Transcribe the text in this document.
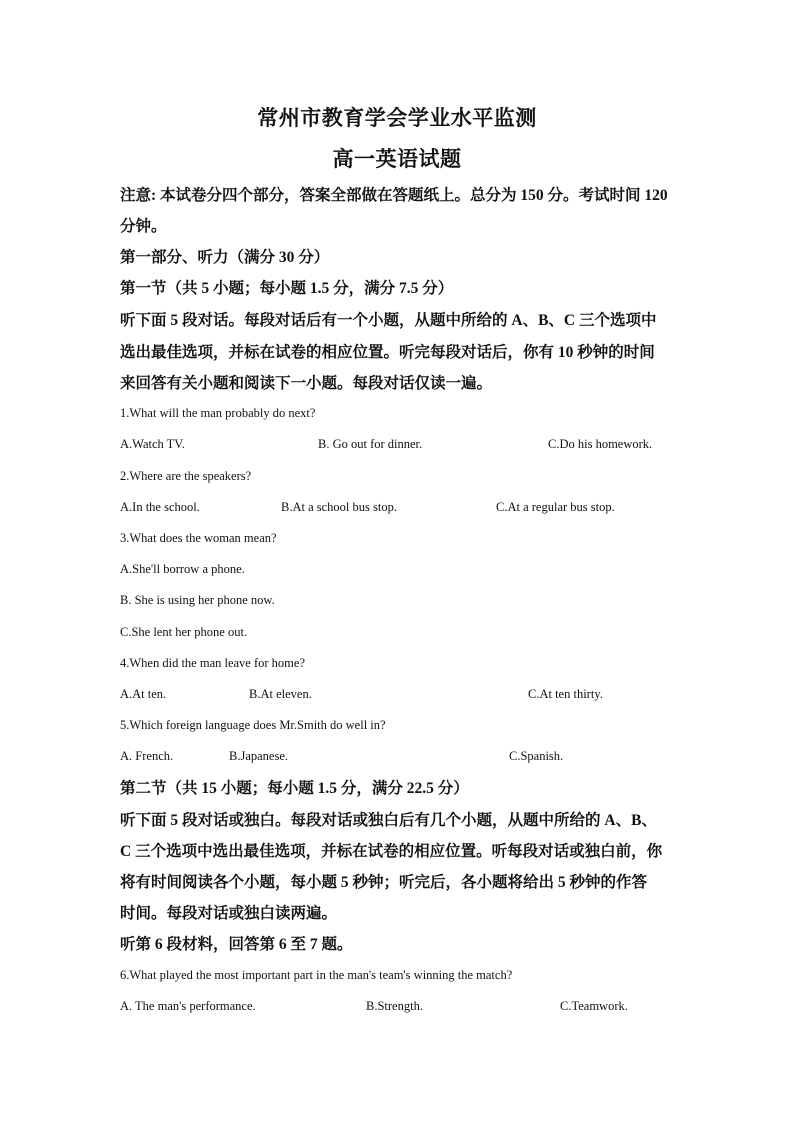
常州市教育学会学业水平监测
高一英语试题
注意: 本试卷分四个部分，答案全部做在答题纸上。总分为 150 分。考试时间 120
分钟。
第一部分、听力（满分 30 分）
第一节（共 5 小题；每小题 1.5 分，满分 7.5 分）
听下面 5 段对话。每段对话后有一个小题，从题中所给的 A、B、C 三个选项中
选出最佳选项，并标在试卷的相应位置。听完每段对话后，你有 10 秒钟的时间
来回答有关小题和阅读下一小题。每段对话仅读一遍。
1.What will the man probably do next?
A.Watch TV.	B. Go out for dinner.	C.Do his homework.
2.Where are the speakers?
A.In the school.	B.At a school bus stop.	C.At a regular bus stop.
3.What does the woman mean?
A.She'll borrow a phone.
B. She is using her phone now.
C.She lent her phone out.
4.When did the man leave for home?
A.At ten.	B.At eleven.	C.At ten thirty.
5.Which foreign language does Mr.Smith do well in?
A. French.	B.Japanese.	C.Spanish.
第二节（共 15 小题；每小题 1.5 分，满分 22.5 分）
听下面 5 段对话或独白。每段对话或独白后有几个小题，从题中所给的 A、B、
C 三个选项中选出最佳选项，并标在试卷的相应位置。听每段对话或独白前，你
将有时间阅读各个小题，每小题 5 秒钟；听完后，各小题将给出 5 秒钟的作答
时间。每段对话或独白读两遍。
听第 6 段材料，回答第 6 至 7 题。
6.What played the most important part in the man's team's winning the match?
A. The man's performance.	B.Strength.	C.Teamwork.
